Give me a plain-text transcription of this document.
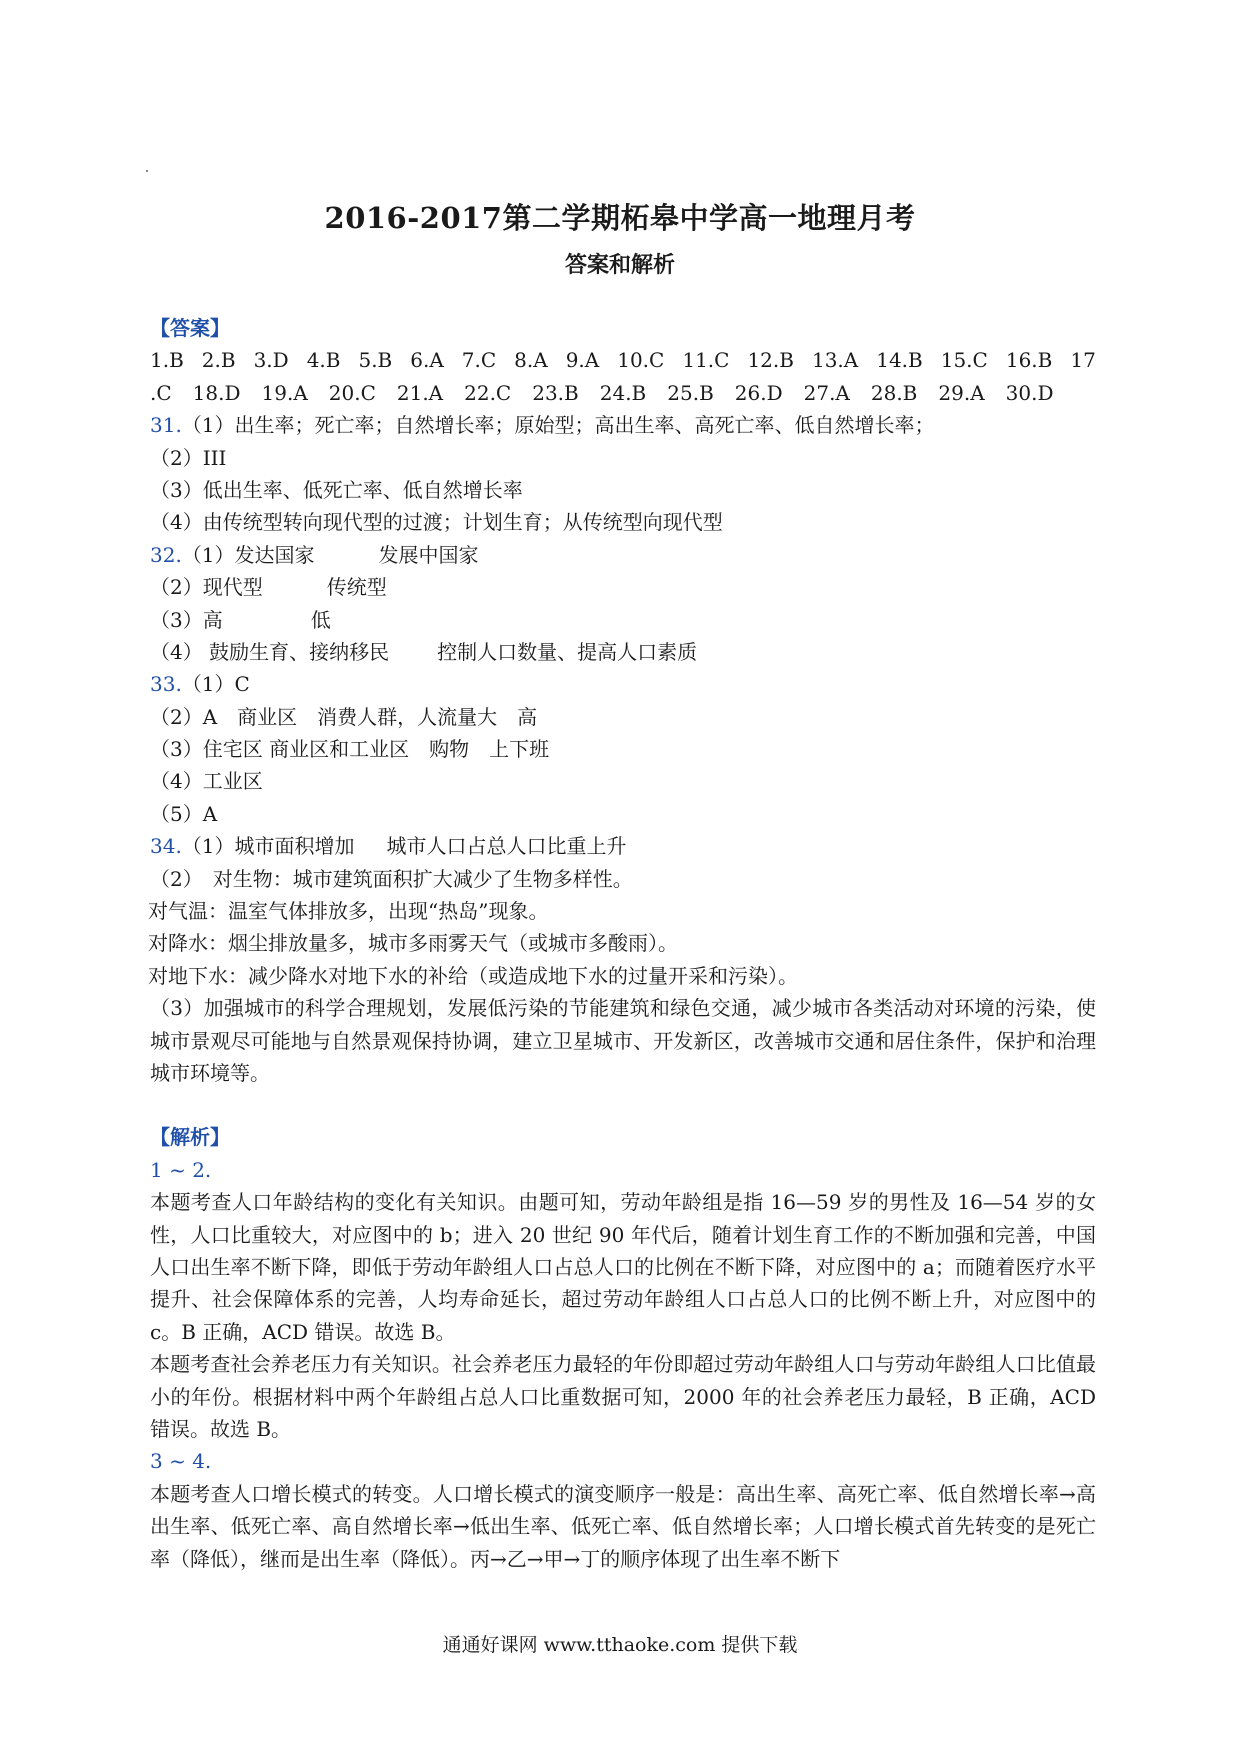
2016-2017第二学期柘皋中学高一地理月考
答案和解析
【答案】
1.B 2.B 3.D 4.B 5.B 6.A 7.C 8.A 9.A 10.C 11.C 12.B 13.A 14.B 15.C 16.B 17
.C 18.D 19.A 20.C 21.A 22.C 23.B 24.B 25.B 26.D 27.A 28.B 29.A 30.D
31.（1）出生率；死亡率；自然增长率；原始型；高出生率、高死亡率、低自然增长率；
（2）III
（3）低出生率、低死亡率、低自然增长率
（4）由传统型转向现代型的过渡；计划生育；从传统型向现代型
32.（1）发达国家	发展中国家
（2）现代型	传统型
（3）高	低
（4） 鼓励生育、接纳移民 控制人口数量、提高人口素质
33.（1）C
（2）A　商业区　消费人群，人流量大　高
（3）住宅区 商业区和工业区　购物　上下班
（4）工业区
（5）A
34.（1）城市面积增加 城市人口占总人口比重上升
（2）　对生物：城市建筑面积扩大减少了生物多样性。
对气温：温室气体排放多，出现“热岛”现象。
对降水：烟尘排放量多，城市多雨雾天气（或城市多酸雨）。
对地下水：减少降水对地下水的补给（或造成地下水的过量开采和污染）。
（3）加强城市的科学合理规划，发展低污染的节能建筑和绿色交通，减少城市各类活动对环境的污染，使城市景观尽可能地与自然景观保持协调，建立卫星城市、开发新区，改善城市交通和居住条件，保护和治理城市环境等。
【解析】
1 ~ 2.
本题考查人口年龄结构的变化有关知识。由题可知，劳动年龄组是指 16—59 岁的男性及 16—54 岁的女性，人口比重较大，对应图中的 b；进入 20 世纪 90 年代后，随着计划生育工作的不断加强和完善，中国人口出生率不断下降，即低于劳动年龄组人口占总人口的比例在不断下降，对应图中的 a；而随着医疗水平提升、社会保障体系的完善，人均寿命延长，超过劳动年龄组人口占总人口的比例不断上升，对应图中的 c。B 正确，ACD 错误。故选 B。
本题考查社会养老压力有关知识。社会养老压力最轻的年份即超过劳动年龄组人口与劳动年龄组人口比值最小的年份。根据材料中两个年龄组占总人口比重数据可知，2000 年的社会养老压力最轻，B 正确，ACD 错误。故选 B。
3 ~ 4.
本题考查人口增长模式的转变。人口增长模式的演变顺序一般是：高出生率、高死亡率、低自然增长率→高出生率、低死亡率、高自然增长率→低出生率、低死亡率、低自然增长率；人口增长模式首先转变的是死亡率（降低），继而是出生率（降低）。丙→乙→甲→丁的顺序体现了出生率不断下
通通好课网 www.tthaoke.com 提供下载
